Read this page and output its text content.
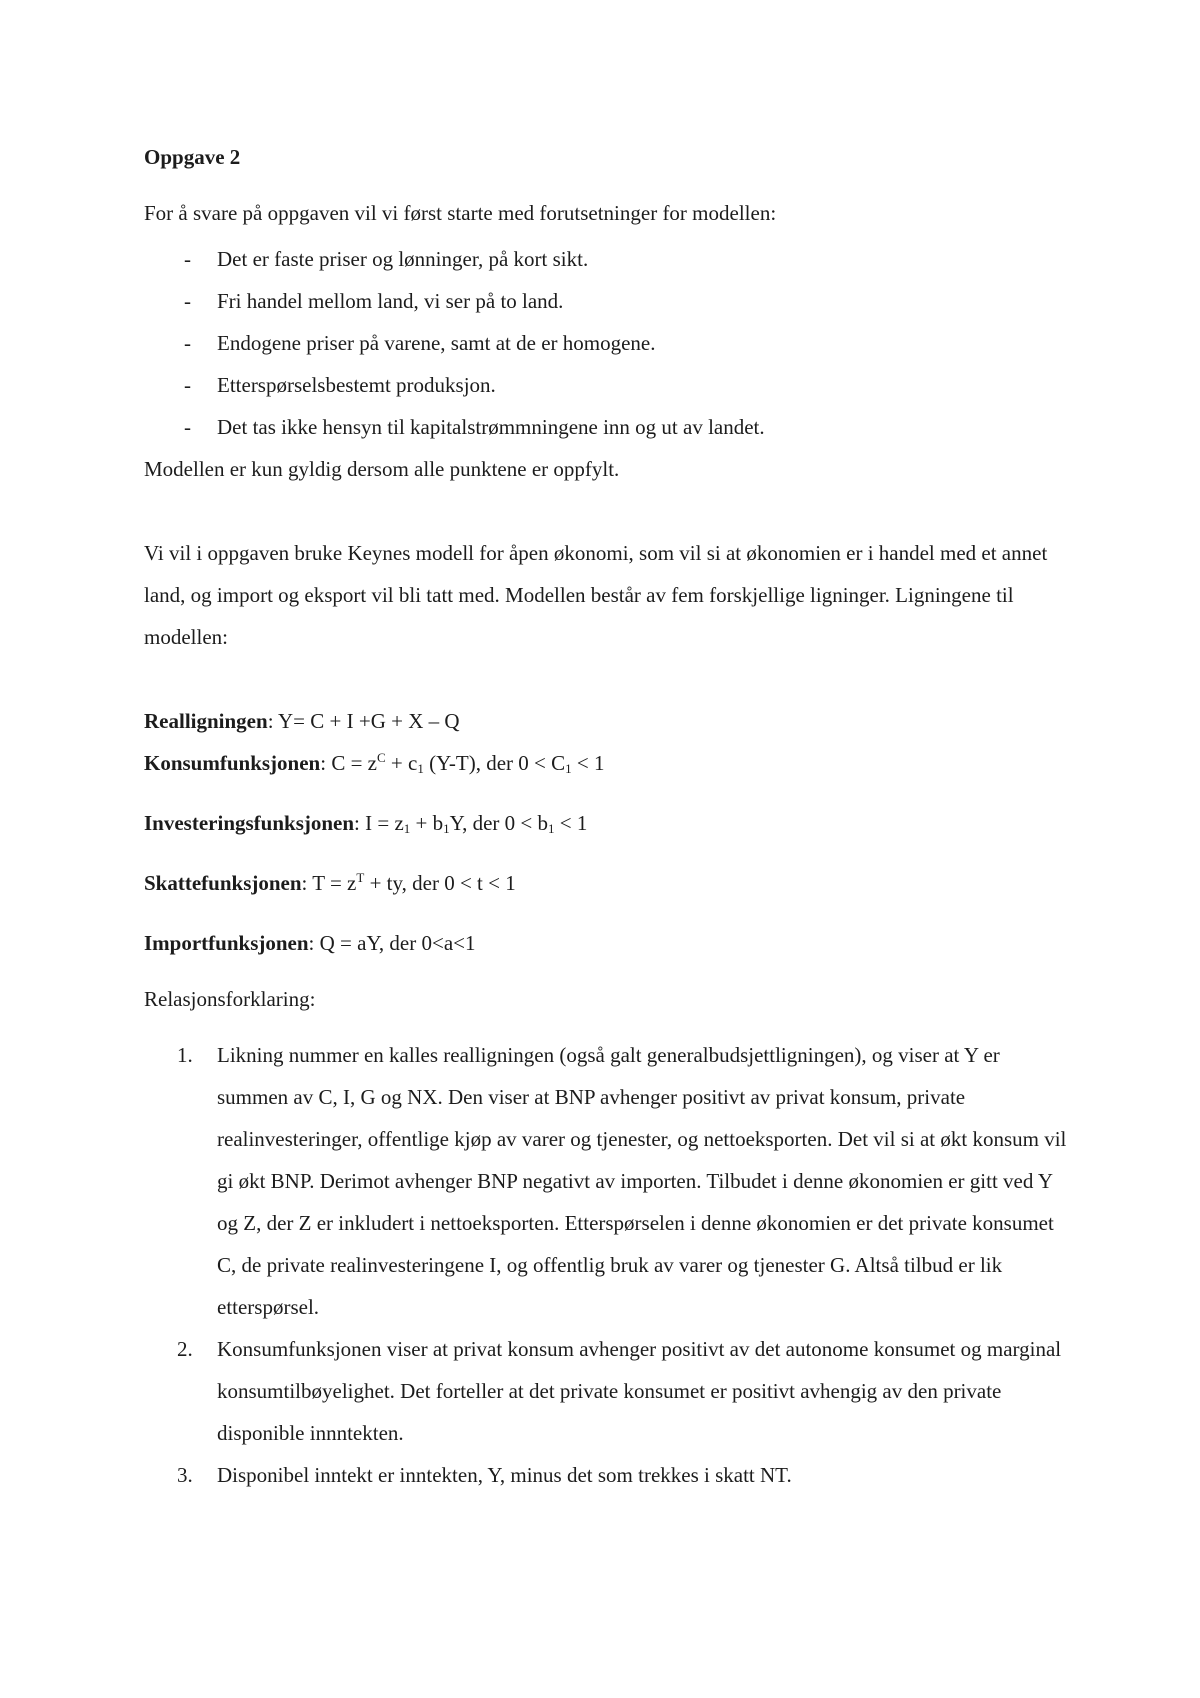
Oppgave 2

For å svare på oppgaven vil vi først starte med forutsetninger for modellen:

- Det er faste priser og lønninger, på kort sikt.
- Fri handel mellom land, vi ser på to land.
- Endogene priser på varene, samt at de er homogene.
- Etterspørselsbestemt produksjon.
- Det tas ikke hensyn til kapitalstrømmningene inn og ut av landet.

Modellen er kun gyldig dersom alle punktene er oppfylt.

Vi vil i oppgaven bruke Keynes modell for åpen økonomi, som vil si at økonomien er i handel med et annet land, og import og eksport vil bli tatt med. Modellen består av fem forskjellige ligninger. Ligningene til modellen:

Realligningen: Y= C + I +G + X – Q

Konsumfunksjonen: $C = z^C + c_1$ (Y-T), der $0 < C_1 < 1$

Investeringsfunksjonen: $I = z_1 + b_1Y$, der $0 < b_1 < 1$

Skattefunksjonen: $T = z^T$ + ty, der 0 < t < 1

Importfunksjonen: Q = aY, der 0<a<1

Relasjonsforklaring:

1. Likning nummer en kalles realligningen (også galt generalbudsjettligningen), og viser at Y er summen av C, I, G og NX. Den viser at BNP avhenger positivt av privat konsum, private realinvesteringer, offentlige kjøp av varer og tjenester, og nettoeksporten. Det vil si at økt konsum vil gi økt BNP. Derimot avhenger BNP negativt av importen. Tilbudet i denne økonomien er gitt ved Y og Z, der Z er inkludert i nettoeksporten. Etterspørselen i denne økonomien er det private konsumet C, de private realinvesteringene I, og offentlig bruk av varer og tjenester G. Altså tilbud er lik etterspørsel.
2. Konsumfunksjonen viser at privat konsum avhenger positivt av det autonome konsumet og marginal konsumtilbøyelighet. Det forteller at det private konsumet er positivt avhengig av den private disponible innntekten.
3. Disponibel inntekt er inntekten, Y, minus det som trekkes i skatt NT.
